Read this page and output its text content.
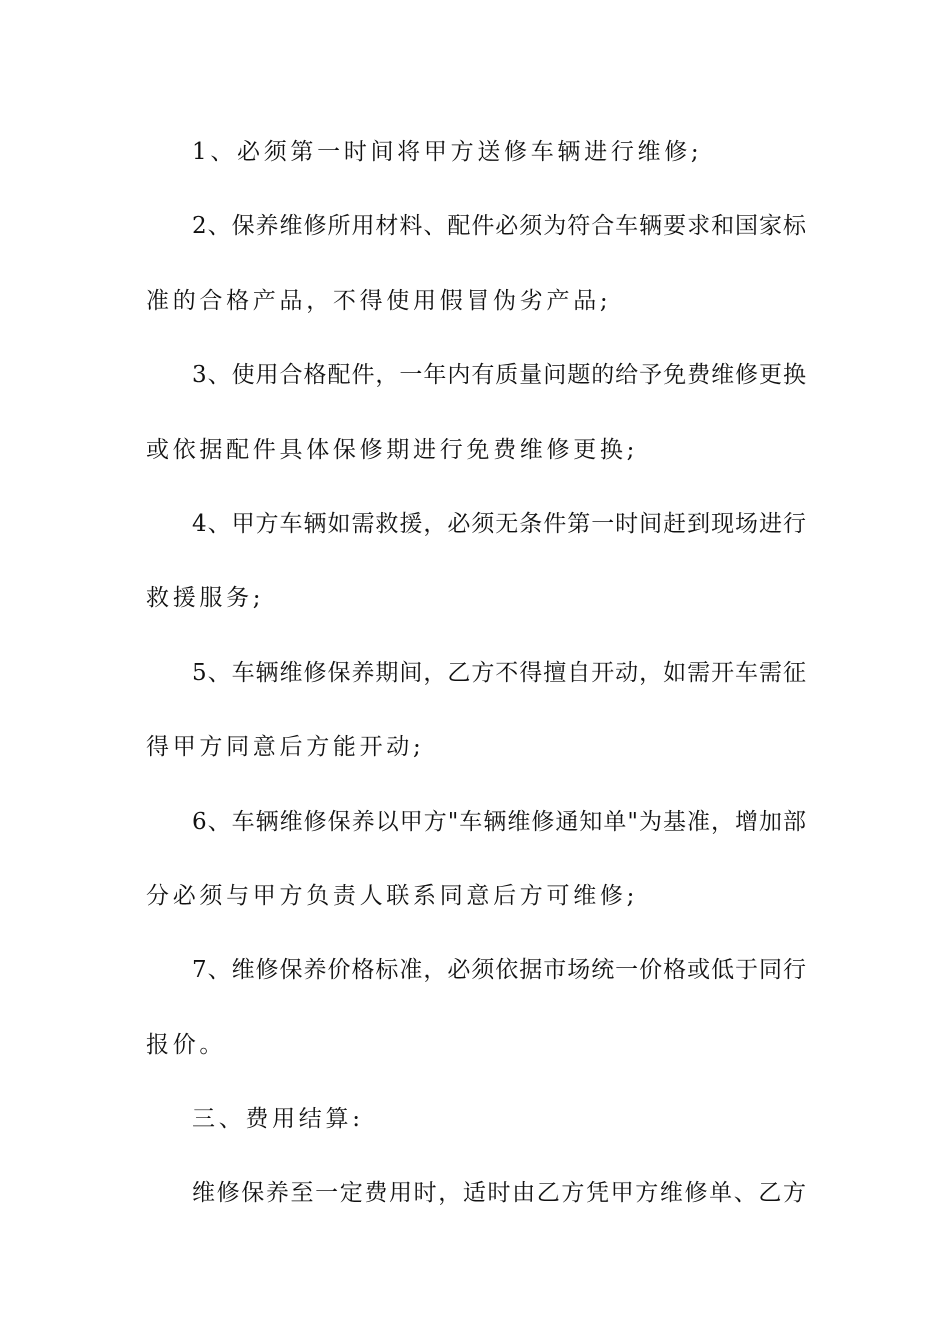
1、必须第一时间将甲方送修车辆进行维修;
2、保养维修所用材料、配件必须为符合车辆要求和国家标
准的合格产品，不得使用假冒伪劣产品;
3、使用合格配件，一年内有质量问题的给予免费维修更换
或依据配件具体保修期进行免费维修更换;
4、甲方车辆如需救援，必须无条件第一时间赶到现场进行
救援服务;
5、车辆维修保养期间，乙方不得擅自开动，如需开车需征
得甲方同意后方能开动;
6、车辆维修保养以甲方"车辆维修通知单"为基准，增加部
分必须与甲方负责人联系同意后方可维修;
7、维修保养价格标准，必须依据市场统一价格或低于同行
报价。
三、费用结算:
维修保养至一定费用时，适时由乙方凭甲方维修单、乙方
